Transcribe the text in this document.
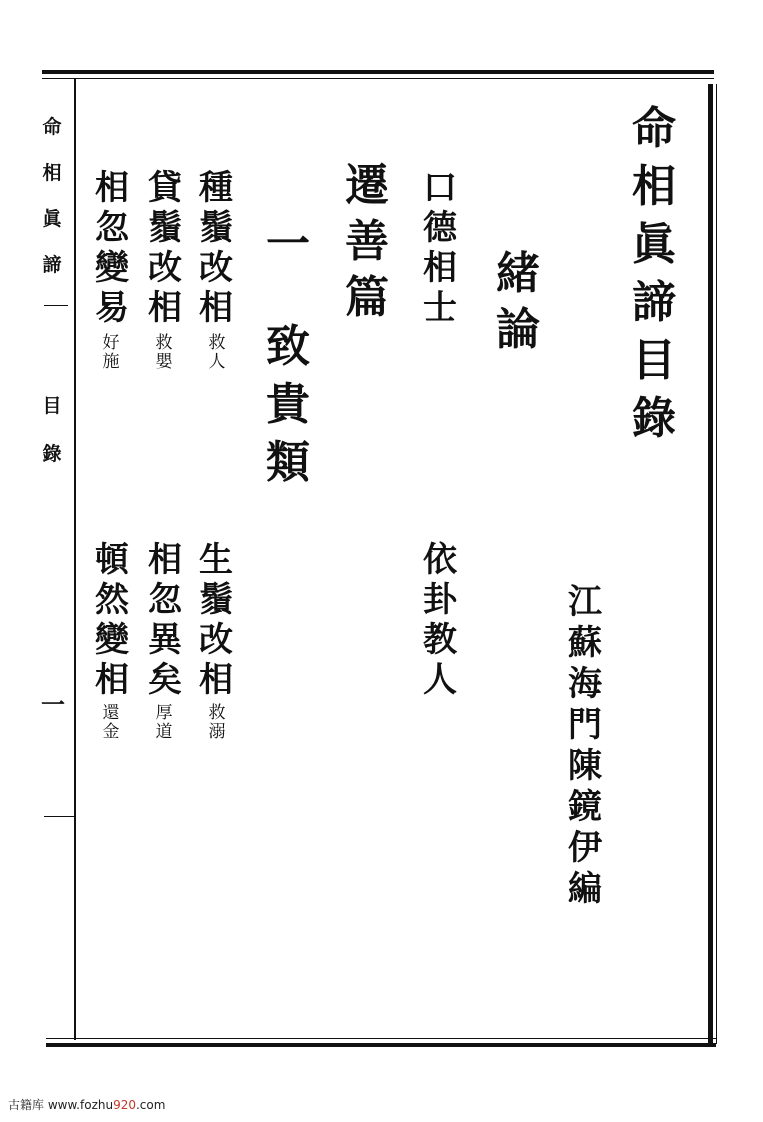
命
相
眞
諦
目
錄
江
蘇
海
門
陳
鏡
伊
編
緒
論
遷
善
篇
一
致
貴
類
口
德
相
士
依
卦
教
人
種
鬚
改
相
救
人
生
鬚
改
相
救
溺
貸
鬚
改
相
救
嬰
相
忽
異
矣
厚
道
相
忽
變
易
好
施
頓
然
變
相
還
金
命
相
眞
諦
目
錄
一
古籍库 www.fozhu920.com
